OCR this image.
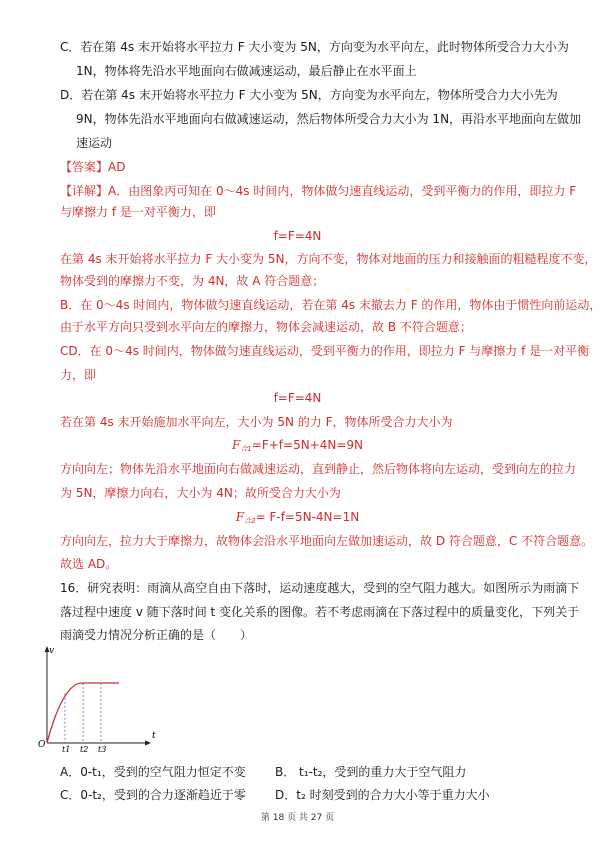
C．若在第 4s 末开始将水平拉力 F 大小变为 5N，方向变为水平向左，此时物体所受合力大小为
1N，物体将先沿水平地面向右做减速运动，最后静止在水平面上
D．若在第 4s 末开始将水平拉力 F 大小变为 5N，方向变为水平向左，物体所受合力大小先为
9N，物体先沿水平地面向右做减速运动，然后物体所受合力大小为 1N，再沿水平地面向左做加
速运动
【答案】AD
【详解】A．由图象丙可知在 0～4s 时间内，物体做匀速直线运动，受到平衡力的作用，即拉力 F
与摩擦力 f 是一对平衡力，即
f=F=4N
在第 4s 末开始将水平拉力 F 大小变为 5N，方向不变，物体对地面的压力和接触面的粗糙程度不变，
物体受到的摩擦力不变，为 4N，故 A 符合题意；
B．在 0～4s 时间内，物体做匀速直线运动，若在第 4s 末撤去力 F 的作用，物体由于惯性向前运动，
由于水平方向只受到水平向左的摩擦力，物体会减速运动，故 B 不符合题意；
CD．在 0～4s 时间内，物体做匀速直线运动，受到平衡力的作用，即拉力 F 与摩擦力 f 是一对平衡
力，即
f=F=4N
若在第 4s 末开始施加水平向左，大小为 5N 的力 F，物体所受合力大小为
$F_{合1}=F+f=5N+4N=9N$
方向向左；物体先沿水平地面向右做减速运动，直到静止，然后物体将向左运动，受到向左的拉力
为 5N，摩擦力向右，大小为 4N；故所受合力大小为
$F_{合2}= F-f=5N-4N=1N$
方向向左，拉力大于摩擦力，故物体会沿水平地面向左做加速运动，故 D 符合题意，C 不符合题意。
故选 AD。
16．研究表明：雨滴从高空自由下落时，运动速度越大，受到的空气阻力越大。如图所示为雨滴下
落过程中速度 v 随下落时间 t 变化关系的图像。若不考虑雨滴在下落过程中的质量变化，下列关于
雨滴受力情况分析正确的是（　　）
v
t
O t1 t2 t3
A．0-t₁，受到的空气阻力恒定不变 B． t₁-t₂，受到的重力大于空气阻力
C．0-t₂，受到的合力逐渐趋近于零 D．t₂ 时刻受到的合力大小等于重力大小
第 18 页 共 27 页
